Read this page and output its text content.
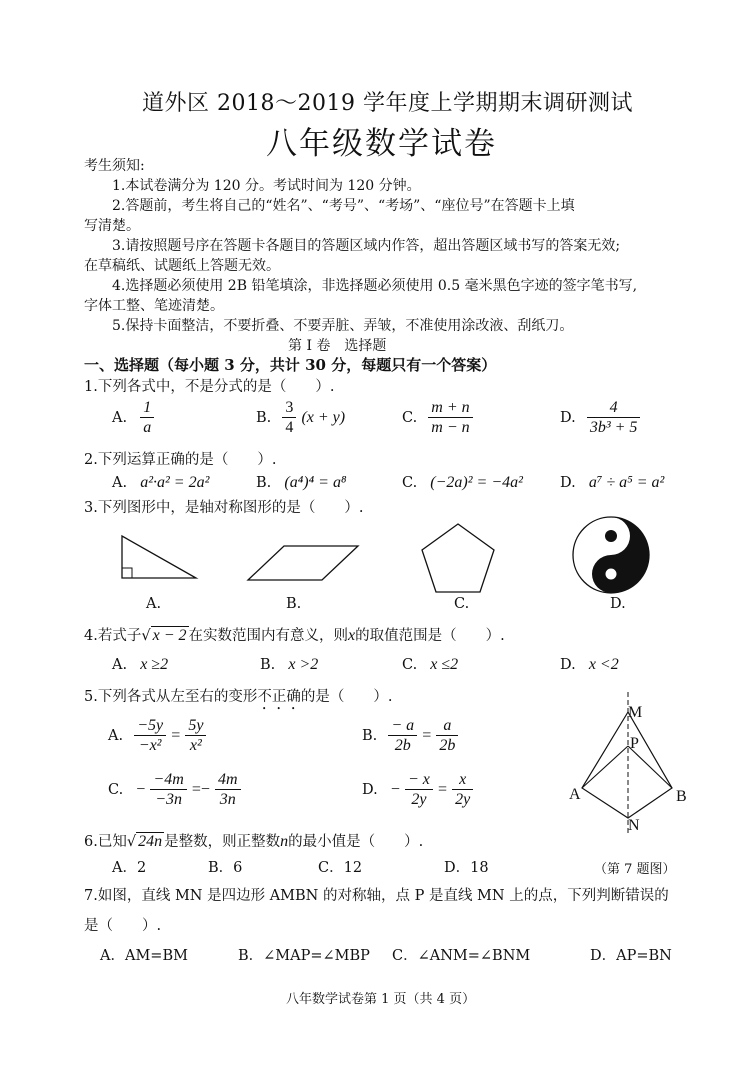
道外区 2018～2019 学年度上学期期末调研测试
八年级数学试卷
考生须知:
1.本试卷满分为 120 分。考试时间为 120 分钟。
2.答题前，考生将自己的“姓名”、“考号”、“考场”、“座位号”在答题卡上填
写清楚。
3.请按照题号序在答题卡各题目的答题区域内作答，超出答题区域书写的答案无效;
在草稿纸、试题纸上答题无效。
4.选择题必须使用 2B 铅笔填涂，非选择题必须使用 0.5 毫米黑色字迹的签字笔书写,
字体工整、笔迹清楚。
5.保持卡面整洁，不要折叠、不要弄脏、弄皱，不准使用涂改液、刮纸刀。
第 Ⅰ 卷　选择题
一、选择题（每小题 3 分，共计 30 分，每题只有一个答案）
1.下列各式中，不是分式的是（　　）.
A. $\frac{1}{a}$	B. $\frac{3}{4} (x + y)$	C. $\frac{m + n}{m - n}$	D. $\frac{4}{\text{3b³ + 5}}$
2.下列运算正确的是（　　）.
A. a²·a² = 2a²	B. (a⁴)⁴ = a⁸	C. (−2a)² = −4a²	D. a⁷ ÷ a⁵ = a²
3.下列图形中，是轴对称图形的是（　　）.
A.	B.	C.	D.
4.若式子√ x − 2 在实数范围内有意义，则x的取值范围是（　　）.
A. x ≥2	B. x >2	C. x ≤2	D. x <2
5.下列各式从左至右的变形不正确的是（　　）.
A. $\frac{-5y}{\text{−x²}} = \frac{5y}{\text{x²}}$	B. $\frac{- a}{2b} = \frac{a}{2b}$
C. − $\frac{-4m}{-3n} =- \frac{4m}{3n}$	D. − $\frac{- x}{2y} = \frac{x}{2y}$
M
P
A	B
N
（第 7 题图）
6.已知√ 24n 是整数，则正整数n的最小值是（　　）.
A．2	B．6	C．12	D．18
7.如图，直线 MN 是四边形 AMBN 的对称轴，点 P 是直线 MN 上的点，下列判断错误的
是（　　）.
A．AM=BM	B．∠MAP=∠MBP C．∠ANM=∠BNM	D．AP=BN
八年数学试卷第 1 页（共 4 页）
